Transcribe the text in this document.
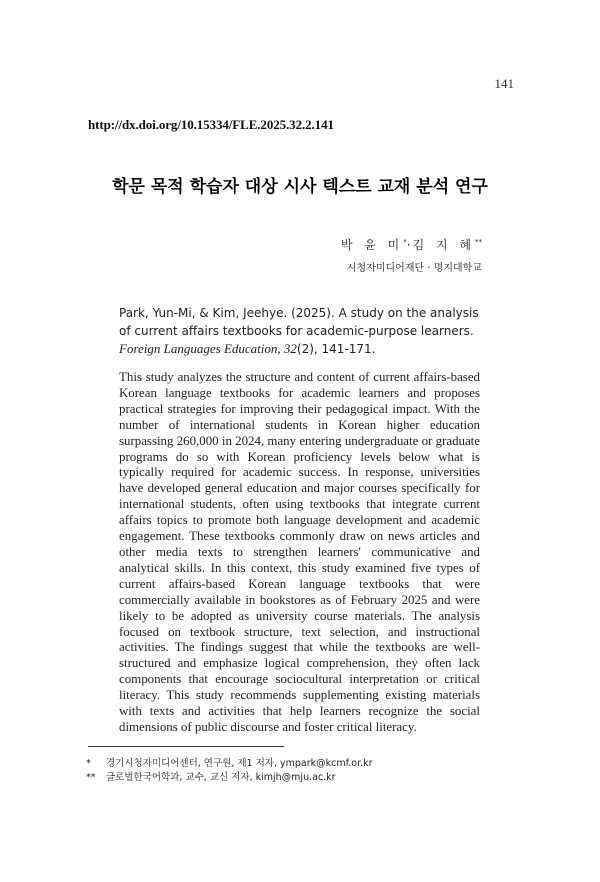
141
http://dx.doi.org/10.15334/FLE.2025.32.2.141
학문 목적 학습자 대상 시사 텍스트 교재 분석 연구
박 윤 미*·김 지 혜**
시청자미디어재단 · 명지대학교
Park, Yun-Mi, & Kim, Jeehye. (2025). A study on the analysis of current affairs textbooks for academic-purpose learners. Foreign Languages Education, 32(2), 141-171.
This study analyzes the structure and content of current affairs-based Korean language textbooks for academic learners and proposes practical strategies for improving their pedagogical impact. With the number of international students in Korean higher education surpassing 260,000 in 2024, many entering undergraduate or graduate programs do so with Korean proficiency levels below what is typically required for academic success. In response, universities have developed general education and major courses specifically for international students, often using textbooks that integrate current affairs topics to promote both language development and academic engagement. These textbooks commonly draw on news articles and other media texts to strengthen learners' communicative and analytical skills. In this context, this study examined five types of current affairs-based Korean language textbooks that were commercially available in bookstores as of February 2025 and were likely to be adopted as university course materials. The analysis focused on textbook structure, text selection, and instructional activities. The findings suggest that while the textbooks are well-structured and emphasize logical comprehension, they often lack components that encourage sociocultural interpretation or critical literacy. This study recommends supplementing existing materials with texts and activities that help learners recognize the social dimensions of public discourse and foster critical literacy.
*	경기시청자미디어센터, 연구원, 제1 저자, ympark@kcmf.or.kr
**	글로벌한국어학과, 교수, 교신 저자, kimjh@mju.ac.kr
